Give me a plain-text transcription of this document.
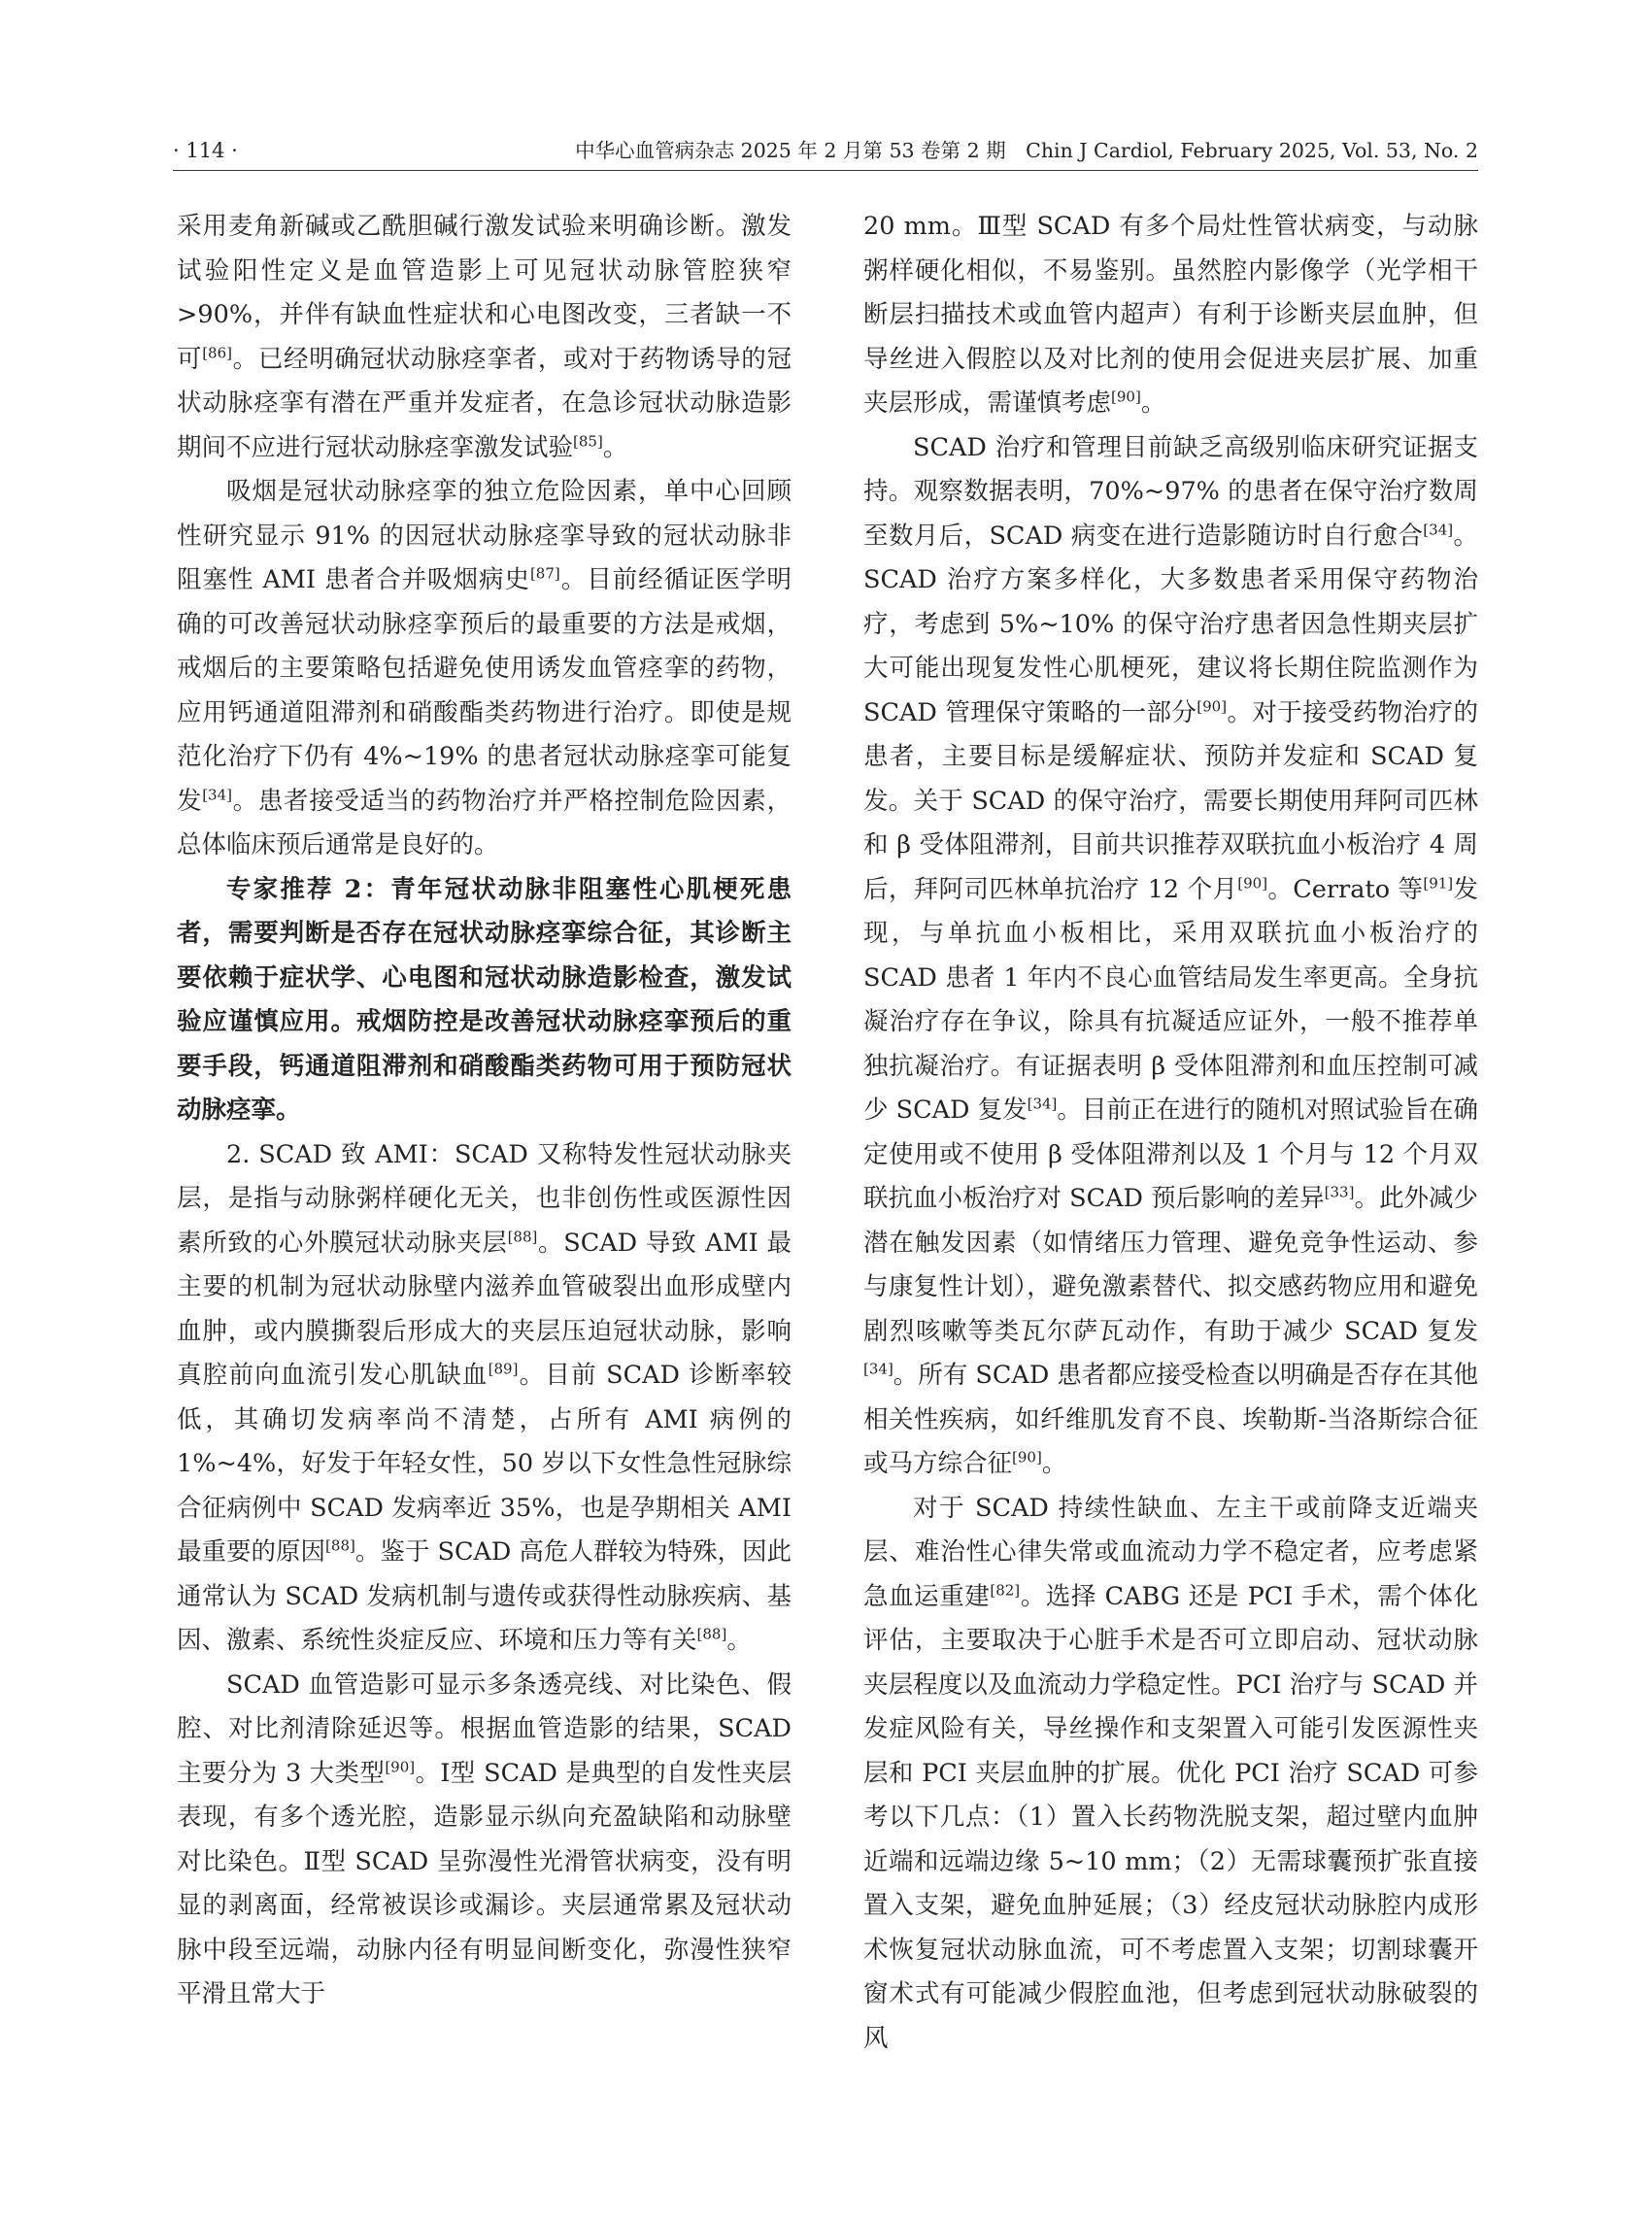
· 114 ·	中华心血管病杂志 2025 年 2 月第 53 卷第 2 期　Chin J Cardiol, February 2025, Vol. 53, No. 2

采用麦角新碱或乙酰胆碱行激发试验来明确诊断。激发试验阳性定义是血管造影上可见冠状动脉管腔狭窄>90%，并伴有缺血性症状和心电图改变，三者缺一不可[86]。已经明确冠状动脉痉挛者，或对于药物诱导的冠状动脉痉挛有潜在严重并发症者，在急诊冠状动脉造影期间不应进行冠状动脉痉挛激发试验[85]。

吸烟是冠状动脉痉挛的独立危险因素，单中心回顾性研究显示 91% 的因冠状动脉痉挛导致的冠状动脉非阻塞性 AMI 患者合并吸烟病史[87]。目前经循证医学明确的可改善冠状动脉痉挛预后的最重要的方法是戒烟，戒烟后的主要策略包括避免使用诱发血管痉挛的药物，应用钙通道阻滞剂和硝酸酯类药物进行治疗。即使是规范化治疗下仍有 4%~19% 的患者冠状动脉痉挛可能复发[34]。患者接受适当的药物治疗并严格控制危险因素，总体临床预后通常是良好的。

专家推荐 2：青年冠状动脉非阻塞性心肌梗死患者，需要判断是否存在冠状动脉痉挛综合征，其诊断主要依赖于症状学、心电图和冠状动脉造影检查，激发试验应谨慎应用。戒烟防控是改善冠状动脉痉挛预后的重要手段，钙通道阻滞剂和硝酸酯类药物可用于预防冠状动脉痉挛。

2. SCAD 致 AMI：SCAD 又称特发性冠状动脉夹层，是指与动脉粥样硬化无关，也非创伤性或医源性因素所致的心外膜冠状动脉夹层[88]。SCAD 导致 AMI 最主要的机制为冠状动脉壁内滋养血管破裂出血形成壁内血肿，或内膜撕裂后形成大的夹层压迫冠状动脉，影响真腔前向血流引发心肌缺血[89]。目前 SCAD 诊断率较低，其确切发病率尚不清楚，占所有 AMI 病例的 1%~4%，好发于年轻女性，50 岁以下女性急性冠脉综合征病例中 SCAD 发病率近 35%，也是孕期相关 AMI 最重要的原因[88]。鉴于 SCAD 高危人群较为特殊，因此通常认为 SCAD 发病机制与遗传或获得性动脉疾病、基因、激素、系统性炎症反应、环境和压力等有关[88]。

SCAD 血管造影可显示多条透亮线、对比染色、假腔、对比剂清除延迟等。根据血管造影的结果，SCAD 主要分为 3 大类型[90]。Ⅰ型 SCAD 是典型的自发性夹层表现，有多个透光腔，造影显示纵向充盈缺陷和动脉壁对比染色。Ⅱ型 SCAD 呈弥漫性光滑管状病变，没有明显的剥离面，经常被误诊或漏诊。夹层通常累及冠状动脉中段至远端，动脉内径有明显间断变化，弥漫性狭窄平滑且常大于

20 mm。Ⅲ型 SCAD 有多个局灶性管状病变，与动脉粥样硬化相似，不易鉴别。虽然腔内影像学（光学相干断层扫描技术或血管内超声）有利于诊断夹层血肿，但导丝进入假腔以及对比剂的使用会促进夹层扩展、加重夹层形成，需谨慎考虑[90]。

SCAD 治疗和管理目前缺乏高级别临床研究证据支持。观察数据表明，70%~97% 的患者在保守治疗数周至数月后，SCAD 病变在进行造影随访时自行愈合[34]。SCAD 治疗方案多样化，大多数患者采用保守药物治疗，考虑到 5%~10% 的保守治疗患者因急性期夹层扩大可能出现复发性心肌梗死，建议将长期住院监测作为 SCAD 管理保守策略的一部分[90]。对于接受药物治疗的患者，主要目标是缓解症状、预防并发症和 SCAD 复发。关于 SCAD 的保守治疗，需要长期使用拜阿司匹林和 β 受体阻滞剂，目前共识推荐双联抗血小板治疗 4 周后，拜阿司匹林单抗治疗 12 个月[90]。Cerrato 等[91]发现，与单抗血小板相比，采用双联抗血小板治疗的 SCAD 患者 1 年内不良心血管结局发生率更高。全身抗凝治疗存在争议，除具有抗凝适应证外，一般不推荐单独抗凝治疗。有证据表明 β 受体阻滞剂和血压控制可减少 SCAD 复发[34]。目前正在进行的随机对照试验旨在确定使用或不使用 β 受体阻滞剂以及 1 个月与 12 个月双联抗血小板治疗对 SCAD 预后影响的差异[33]。此外减少潜在触发因素（如情绪压力管理、避免竞争性运动、参与康复性计划），避免激素替代、拟交感药物应用和避免剧烈咳嗽等类瓦尔萨瓦动作，有助于减少 SCAD 复发[34]。所有 SCAD 患者都应接受检查以明确是否存在其他相关性疾病，如纤维肌发育不良、埃勒斯-当洛斯综合征或马方综合征[90]。

对于 SCAD 持续性缺血、左主干或前降支近端夹层、难治性心律失常或血流动力学不稳定者，应考虑紧急血运重建[82]。选择 CABG 还是 PCI 手术，需个体化评估，主要取决于心脏手术是否可立即启动、冠状动脉夹层程度以及血流动力学稳定性。PCI 治疗与 SCAD 并发症风险有关，导丝操作和支架置入可能引发医源性夹层和 PCI 夹层血肿的扩展。优化 PCI 治疗 SCAD 可参考以下几点：（1）置入长药物洗脱支架，超过壁内血肿近端和远端边缘 5~10 mm；（2）无需球囊预扩张直接置入支架，避免血肿延展；（3）经皮冠状动脉腔内成形术恢复冠状动脉血流，可不考虑置入支架；切割球囊开窗术式有可能减少假腔血池，但考虑到冠状动脉破裂的风
